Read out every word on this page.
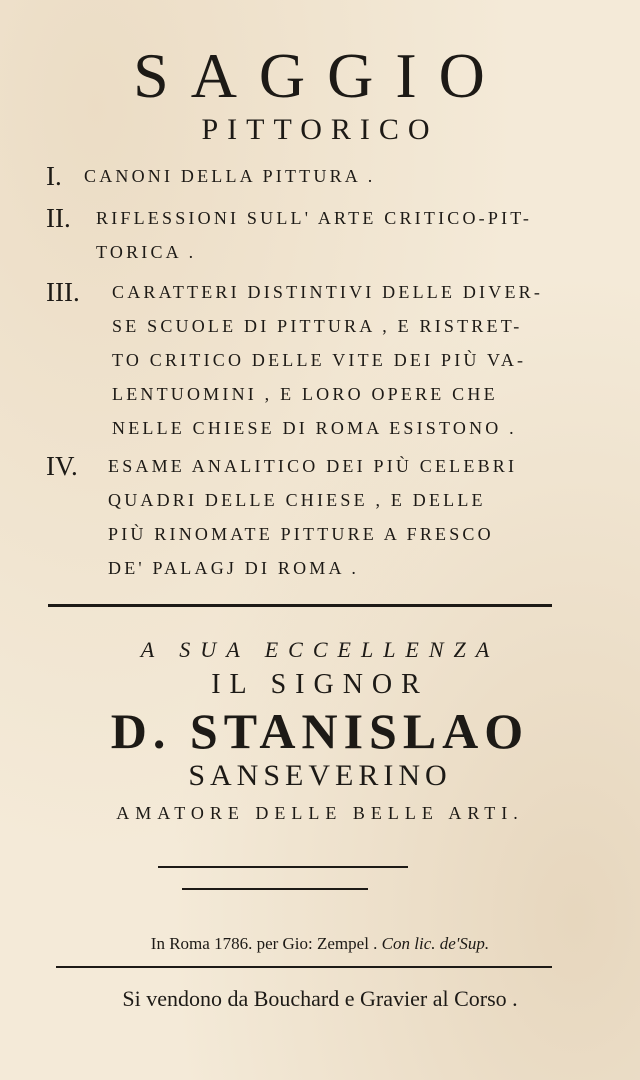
SAGGIO
PITTORICO
I. CANONI DELLA PITTURA .
II. RIFLESSIONI SULL' ARTE CRITICO-PIT-
TORICA .
III. CARATTERI DISTINTIVI DELLE DIVER-
SE SCUOLE DI PITTURA , E RISTRET-
TO CRITICO DELLE VITE DEI PIÙ VA-
LENTUOMINI , E LORO OPERE CHE
NELLE CHIESE DI ROMA ESISTONO .
IV. ESAME ANALITICO DEI PIÙ CELEBRI
QUADRI DELLE CHIESE , E DELLE
PIÙ RINOMATE PITTURE A FRESCO
DE' PALAGJ DI ROMA .
A SUA ECCELLENZA
IL SIGNOR
D. STANISLAO
SANSEVERINO
AMATORE DELLE BELLE ARTI.
In Roma 1786. per Gio: Zempel . Con lic. de'Sup.
Si vendono da Bouchard e Gravier al Corso .
